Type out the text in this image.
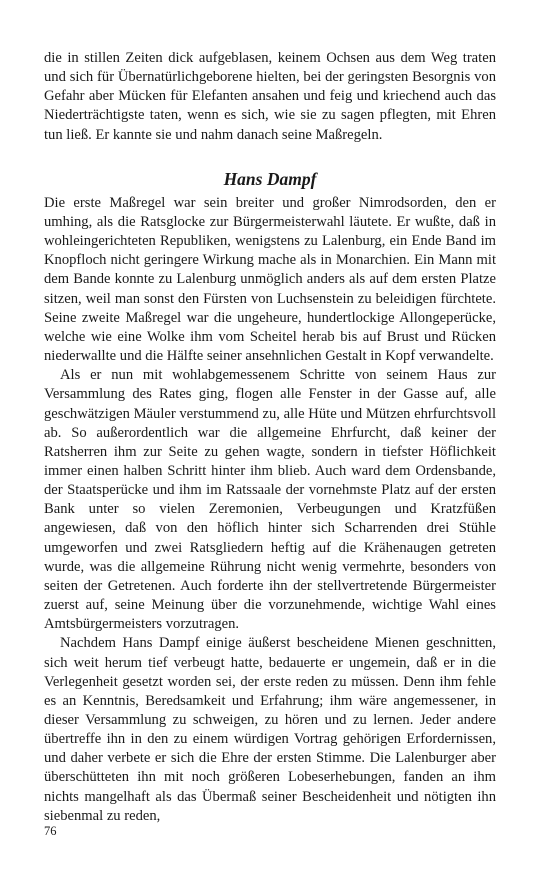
die in stillen Zeiten dick aufgeblasen, keinem Ochsen aus dem Weg traten und sich für Übernatürlichgeborene hielten, bei der geringsten Besorgnis von Gefahr aber Mücken für Elefanten ansahen und feig und kriechend auch das Niederträchtigste taten, wenn es sich, wie sie zu sagen pflegten, mit Ehren tun ließ. Er kannte sie und nahm danach seine Maßregeln.

Hans Dampf

Die erste Maßregel war sein breiter und großer Nimrodsorden, den er umhing, als die Ratsglocke zur Bürgermeisterwahl läutete. Er wußte, daß in wohleingerichteten Republiken, wenigstens zu Lalenburg, ein Ende Band im Knopfloch nicht geringere Wirkung mache als in Monarchien. Ein Mann mit dem Bande konnte zu Lalenburg unmöglich anders als auf dem ersten Platze sitzen, weil man sonst den Fürsten von Luchsenstein zu beleidigen fürchtete. Seine zweite Maßregel war die ungeheure, hundertlockige Allongeperücke, welche wie eine Wolke ihm vom Scheitel herab bis auf Brust und Rücken niederwallte und die Hälfte seiner ansehnlichen Gestalt in Kopf verwandelte.

Als er nun mit wohlabgemessenem Schritte von seinem Haus zur Versammlung des Rates ging, flogen alle Fenster in der Gasse auf, alle geschwätzigen Mäuler verstummend zu, alle Hüte und Mützen ehrfurchtsvoll ab. So außerordentlich war die allgemeine Ehrfurcht, daß keiner der Ratsherren ihm zur Seite zu gehen wagte, sondern in tiefster Höflichkeit immer einen halben Schritt hinter ihm blieb. Auch ward dem Ordensbande, der Staatsperücke und ihm im Ratssaale der vornehmste Platz auf der ersten Bank unter so vielen Zeremonien, Verbeugungen und Kratzfüßen angewiesen, daß von den höflich hinter sich Scharrenden drei Stühle umgeworfen und zwei Ratsgliedern heftig auf die Krähenaugen getreten wurde, was die allgemeine Rührung nicht wenig vermehrte, besonders von seiten der Getretenen. Auch forderte ihn der stellvertretende Bürgermeister zuerst auf, seine Meinung über die vorzunehmende, wichtige Wahl eines Amtsbürgermeisters vorzutragen.

Nachdem Hans Dampf einige äußerst bescheidene Mienen geschnitten, sich weit herum tief verbeugt hatte, bedauerte er ungemein, daß er in die Verlegenheit gesetzt worden sei, der erste reden zu müssen. Denn ihm fehle es an Kenntnis, Beredsamkeit und Erfahrung; ihm wäre angemessener, in dieser Versammlung zu schweigen, zu hören und zu lernen. Jeder andere übertreffe ihn in den zu einem würdigen Vortrag gehörigen Erfordernissen, und daher verbete er sich die Ehre der ersten Stimme. Die Lalenburger aber überschütteten ihn mit noch größeren Lobeserhebungen, fanden an ihm nichts mangelhaft als das Übermaß seiner Bescheidenheit und nötigten ihn siebenmal zu reden,

76
